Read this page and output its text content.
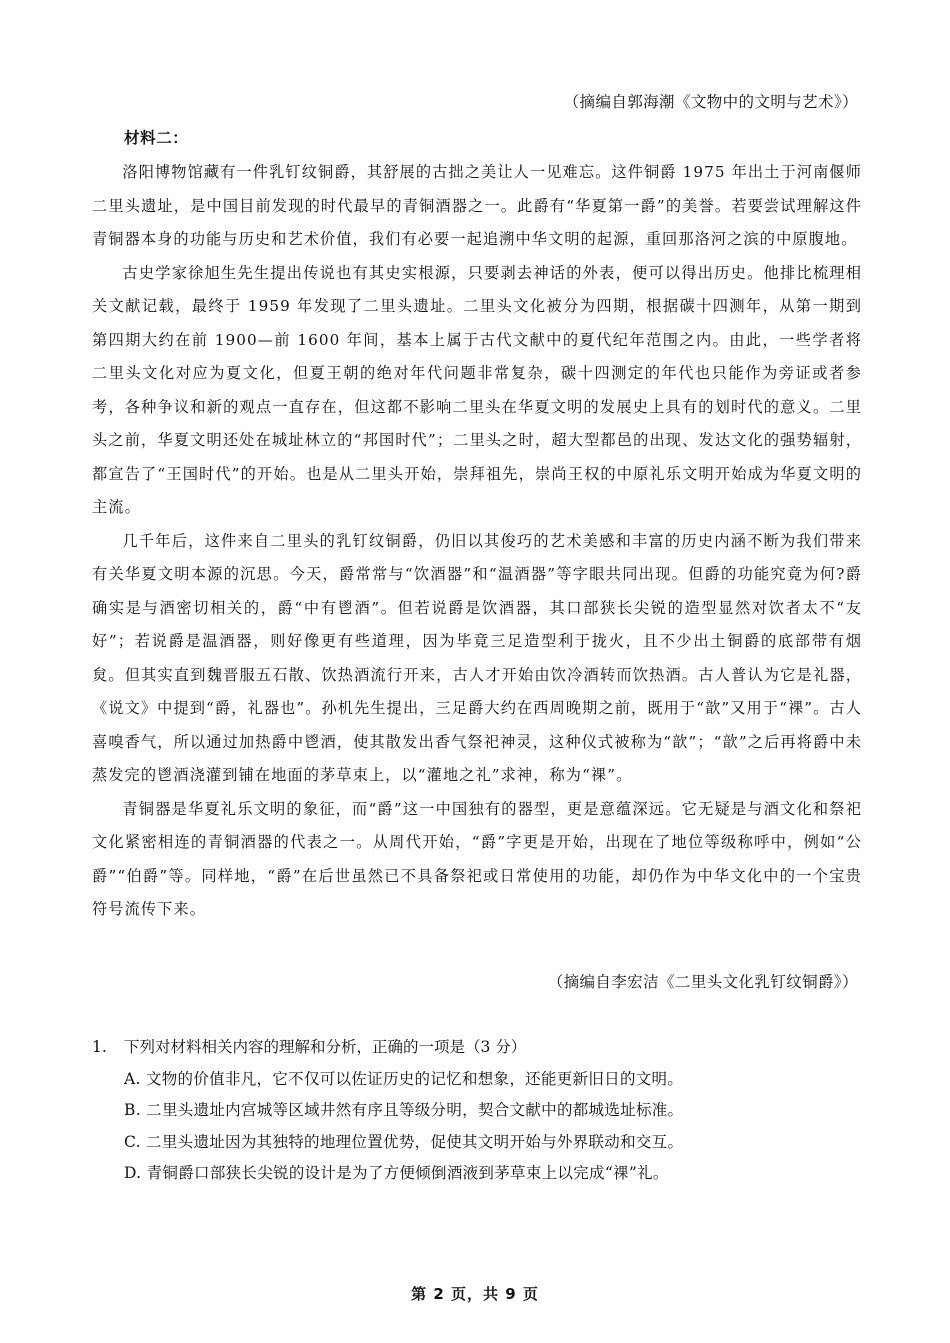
（摘编自郭海潮《文物中的文明与艺术》）
材料二：

洛阳博物馆藏有一件乳钉纹铜爵，其舒展的古拙之美让人一见难忘。这件铜爵 1975 年出土于河南偃师二里头遗址，是中国目前发现的时代最早的青铜酒器之一。此爵有“华夏第一爵”的美誉。若要尝试理解这件青铜器本身的功能与历史和艺术价值，我们有必要一起追溯中华文明的起源，重回那洛河之滨的中原腹地。

古史学家徐旭生先生提出传说也有其史实根源，只要剥去神话的外表，便可以得出历史。他排比梳理相关文献记载，最终于 1959 年发现了二里头遗址。二里头文化被分为四期，根据碳十四测年，从第一期到第四期大约在前 1900—前 1600 年间，基本上属于古代文献中的夏代纪年范围之内。由此，一些学者将二里头文化对应为夏文化，但夏王朝的绝对年代问题非常复杂，碳十四测定的年代也只能作为旁证或者参考，各种争议和新的观点一直存在，但这都不影响二里头在华夏文明的发展史上具有的划时代的意义。二里头之前，华夏文明还处在城址林立的“邦国时代”；二里头之时，超大型都邑的出现、发达文化的强势辐射，都宣告了“王国时代”的开始。也是从二里头开始，崇拜祖先，崇尚王权的中原礼乐文明开始成为华夏文明的主流。

几千年后，这件来自二里头的乳钉纹铜爵，仍旧以其俊巧的艺术美感和丰富的历史内涵不断为我们带来有关华夏文明本源的沉思。今天，爵常常与“饮酒器”和“温酒器”等字眼共同出现。但爵的功能究竟为何?爵确实是与酒密切相关的，爵“中有鬯酒”。但若说爵是饮酒器，其口部狭长尖锐的造型显然对饮者太不“友好”；若说爵是温酒器，则好像更有些道理，因为毕竟三足造型利于拢火，且不少出土铜爵的底部带有烟炱。但其实直到魏晋服五石散、饮热酒流行开来，古人才开始由饮冷酒转而饮热酒。古人普认为它是礼器，《说文》中提到“爵，礼器也”。孙机先生提出，三足爵大约在西周晚期之前，既用于“歆”又用于“祼”。古人喜嗅香气，所以通过加热爵中鬯酒，使其散发出香气祭祀神灵，这种仪式被称为“歆”；“歆”之后再将爵中未蒸发完的鬯酒浇灌到铺在地面的茅草束上，以“灌地之礼”求神，称为“祼”。

青铜器是华夏礼乐文明的象征，而“爵”这一中国独有的器型，更是意蕴深远。它无疑是与酒文化和祭祀文化紧密相连的青铜酒器的代表之一。从周代开始，“爵”字更是开始，出现在了地位等级称呼中，例如“公爵”“伯爵”等。同样地，“爵”在后世虽然已不具备祭祀或日常使用的功能，却仍作为中华文化中的一个宝贵符号流传下来。

（摘编自李宏洁《二里头文化乳钉纹铜爵》）
1.	下列对材料相关内容的理解和分析，正确的一项是（3 分）
A. 文物的价值非凡，它不仅可以佐证历史的记忆和想象，还能更新旧日的文明。
B. 二里头遗址内宫城等区域井然有序且等级分明，契合文献中的都城选址标准。
C. 二里头遗址因为其独特的地理位置优势，促使其文明开始与外界联动和交互。
D. 青铜爵口部狭长尖锐的设计是为了方便倾倒酒液到茅草束上以完成“祼”礼。
第 2 页，共 9 页
